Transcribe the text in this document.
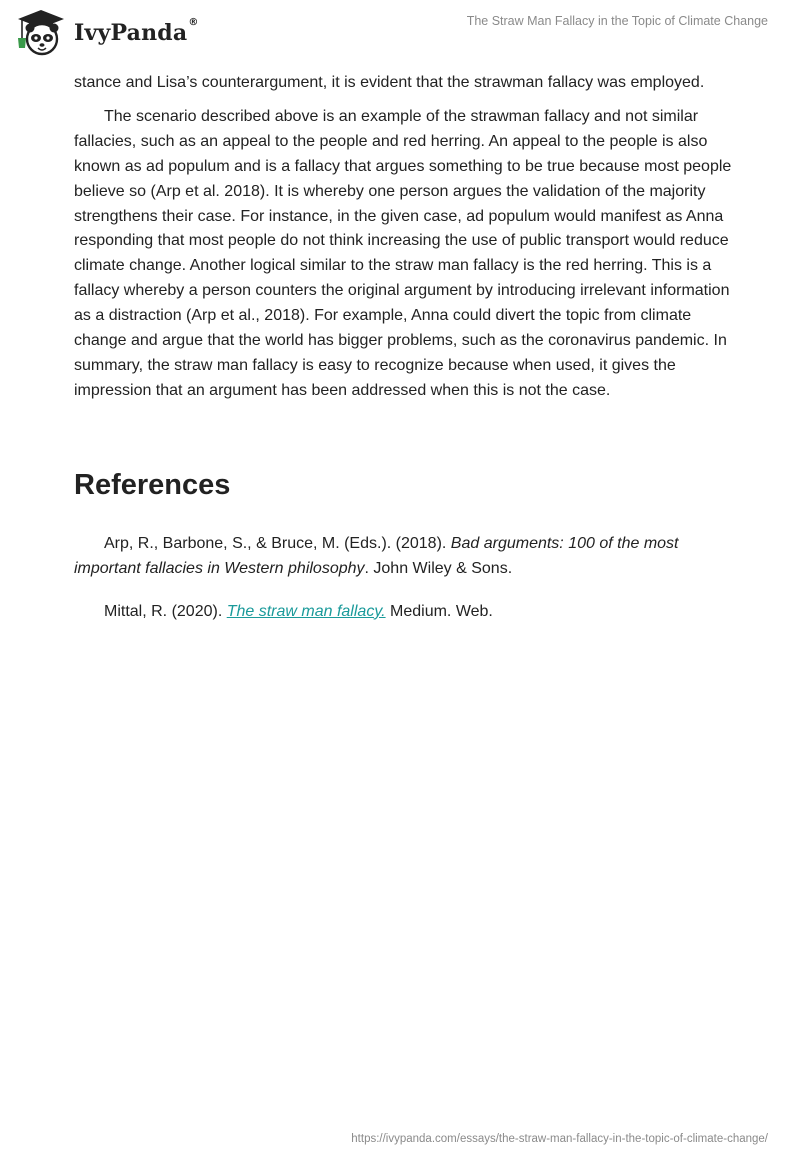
IvyPanda®	The Straw Man Fallacy in the Topic of Climate Change

stance and Lisa’s counterargument, it is evident that the strawman fallacy was employed.

The scenario described above is an example of the strawman fallacy and not similar fallacies, such as an appeal to the people and red herring. An appeal to the people is also known as ad populum and is a fallacy that argues something to be true because most people believe so (Arp et al. 2018). It is whereby one person argues the validation of the majority strengthens their case. For instance, in the given case, ad populum would manifest as Anna responding that most people do not think increasing the use of public transport would reduce climate change. Another logical similar to the straw man fallacy is the red herring. This is a fallacy whereby a person counters the original argument by introducing irrelevant information as a distraction (Arp et al., 2018). For example, Anna could divert the topic from climate change and argue that the world has bigger problems, such as the coronavirus pandemic. In summary, the straw man fallacy is easy to recognize because when used, it gives the impression that an argument has been addressed when this is not the case.

References

Arp, R., Barbone, S., & Bruce, M. (Eds.). (2018). Bad arguments: 100 of the most important fallacies in Western philosophy. John Wiley & Sons.

Mittal, R. (2020). The straw man fallacy. Medium. Web.

https://ivypanda.com/essays/the-straw-man-fallacy-in-the-topic-of-climate-change/
